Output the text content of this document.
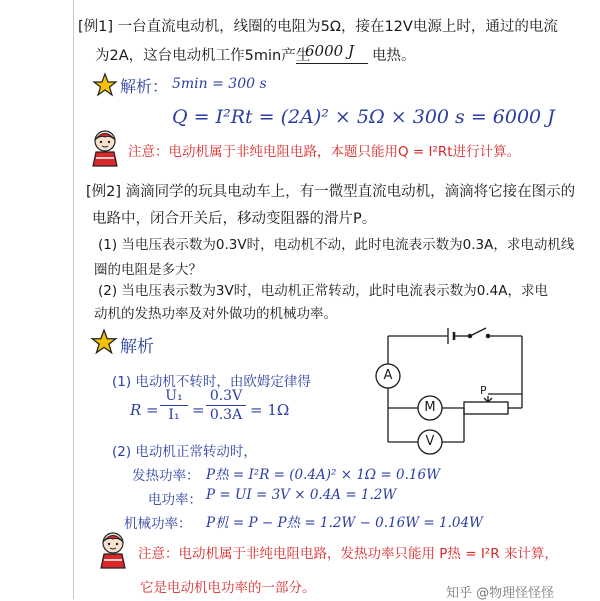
[例1] 一台直流电动机，线圈的电阻为5Ω，接在12V电源上时，通过的电流
为2A，这台电动机工作5min产生
6000 J 电热。
解析： 5min = 300 s
Q = I²Rt = (2A)² × 5Ω × 300 s = 6000 J
注意：电动机属于非纯电阻电路，本题只能用Q = I²Rt进行计算。
[例2] 滴滴同学的玩具电动车上，有一微型直流电动机，滴滴将它接在图示的
电路中，闭合开关后，移动变阻器的滑片P。
(1) 当电压表示数为0.3V时，电动机不动，此时电流表示数为0.3A，求电动机线
圈的电阻是多大？
(2) 当电压表示数为3V时，电动机正常转动，此时电流表示数为0.4A，求电
动机的发热功率及对外做功的机械功率。
解析
(1) 电动机不转时，由欧姆定律得
R =
U₁
I₁ =
0.3V
0.3A = 1Ω
(2) 电动机正常转动时，
发热功率： P热 = I²R = (0.4A)² × 1Ω = 0.16W
电功率： P = UI = 3V × 0.4A = 1.2W
机械功率： P机 = P − P热 = 1.2W − 0.16W = 1.04W
注意：电动机属于非纯电阻电路，发热功率只能用 P热 = I²R 来计算，
它是电动机电功率的一部分。
A
M
V
P
知乎 @物理怪怪怪
